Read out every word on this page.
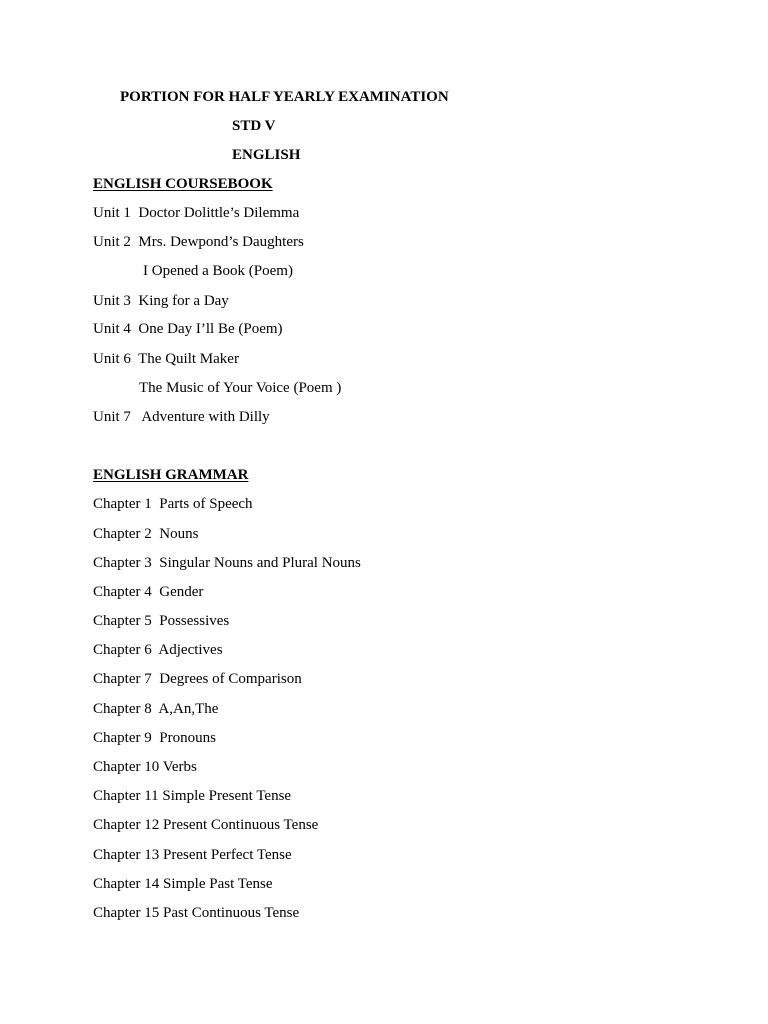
PORTION FOR HALF YEARLY EXAMINATION
STD V
ENGLISH
ENGLISH COURSEBOOK
Unit 1  Doctor Dolittle’s Dilemma
Unit 2  Mrs. Dewpond’s Daughters
I Opened a Book (Poem)
Unit 3  King for a Day
Unit 4  One Day I’ll Be (Poem)
Unit 6  The Quilt Maker
The Music of Your Voice (Poem )
Unit 7   Adventure with Dilly
ENGLISH GRAMMAR
Chapter 1  Parts of Speech
Chapter 2  Nouns
Chapter 3  Singular Nouns and Plural Nouns
Chapter 4  Gender
Chapter 5  Possessives
Chapter 6  Adjectives
Chapter 7  Degrees of Comparison
Chapter 8  A,An,The
Chapter 9  Pronouns
Chapter 10 Verbs
Chapter 11 Simple Present Tense
Chapter 12 Present Continuous Tense
Chapter 13 Present Perfect Tense
Chapter 14 Simple Past Tense
Chapter 15 Past Continuous Tense
